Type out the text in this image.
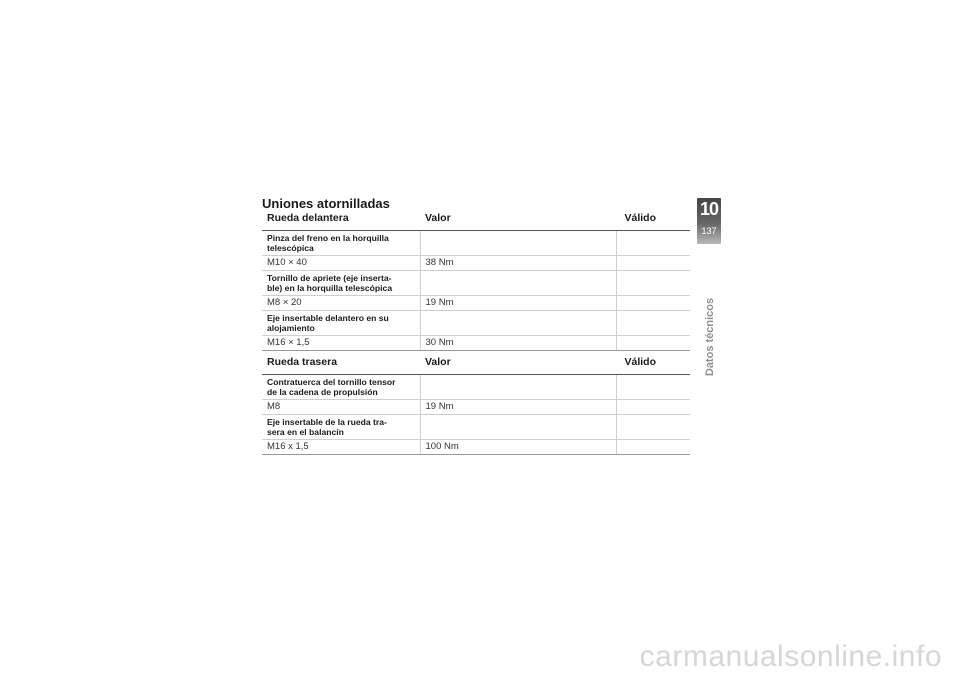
Uniones atornilladas
Rueda delantera	Valor	Válido
Pinza del freno en la horquilla
telescópica		
M10 × 40	38 Nm	
Tornillo de apriete (eje inserta-
ble) en la horquilla telescópica		
M8 × 20	19 Nm	
Eje insertable delantero en su
alojamiento		
M16 × 1,5	30 Nm	
Rueda trasera	Valor	Válido
Contratuerca del tornillo tensor
de la cadena de propulsión		
M8	19 Nm	
Eje insertable de la rueda tra-
sera en el balancín		
M16 x 1,5	100 Nm	
10
137
Datos técnicos
carmanualsonline.info
